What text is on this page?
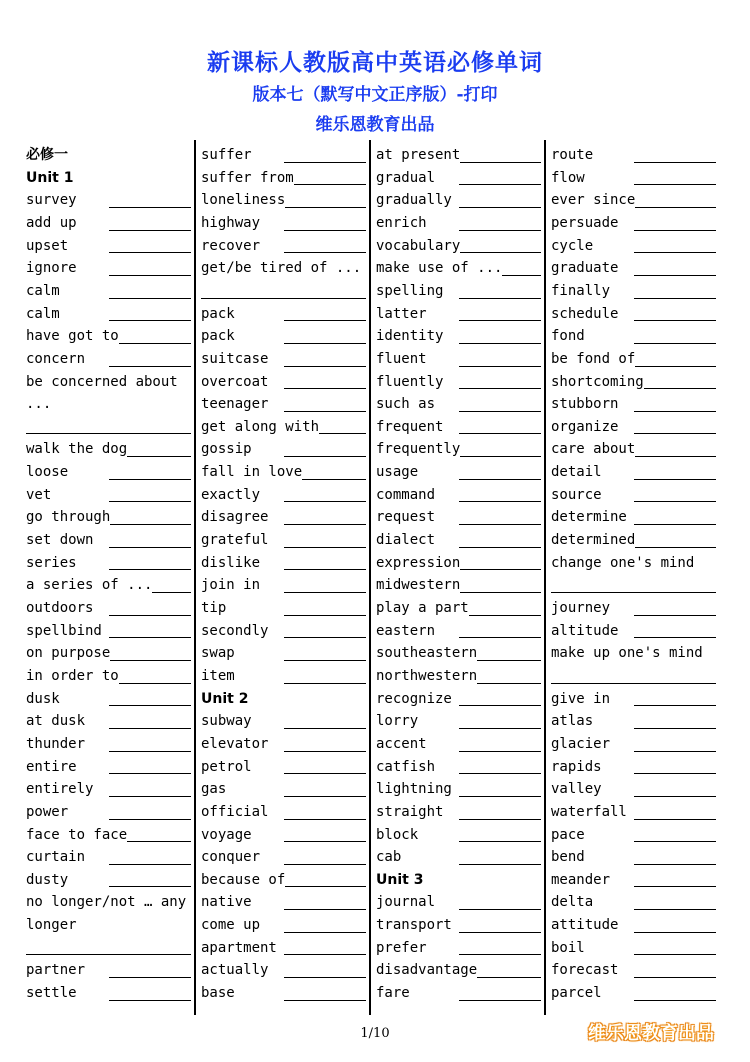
新课标人教版高中英语必修单词
版本七（默写中文正序版）-打印
维乐恩教育出品
必修一
Unit 1
survey
add up
upset
ignore
calm
calm
have got to
concern
be concerned about
...
walk the dog
loose
vet
go through
set down
series
a series of ...
outdoors
spellbind
on purpose
in order to
dusk
at dusk
thunder
entire
entirely
power
face to face
curtain
dusty
no longer/not … any
longer
partner
settle
suffer
suffer from
loneliness
highway
recover
get/be tired of ...
pack
pack
suitcase
overcoat
teenager
get along with
gossip
fall in love
exactly
disagree
grateful
dislike
join in
tip
secondly
swap
item
Unit 2
subway
elevator
petrol
gas
official
voyage
conquer
because of
native
come up
apartment
actually
base
at present
gradual
gradually
enrich
vocabulary
make use of ...
spelling
latter
identity
fluent
fluently
such as
frequent
frequently
usage
command
request
dialect
expression
midwestern
play a part
eastern
southeastern
northwestern
recognize
lorry
accent
catfish
lightning
straight
block
cab
Unit 3
journal
transport
prefer
disadvantage
fare
route
flow
ever since
persuade
cycle
graduate
finally
schedule
fond
be fond of
shortcoming
stubborn
organize
care about
detail
source
determine
determined
change one's mind
journey
altitude
make up one's mind
give in
atlas
glacier
rapids
valley
waterfall
pace
bend
meander
delta
attitude
boil
forecast
parcel
1/10	维乐恩教育出品
